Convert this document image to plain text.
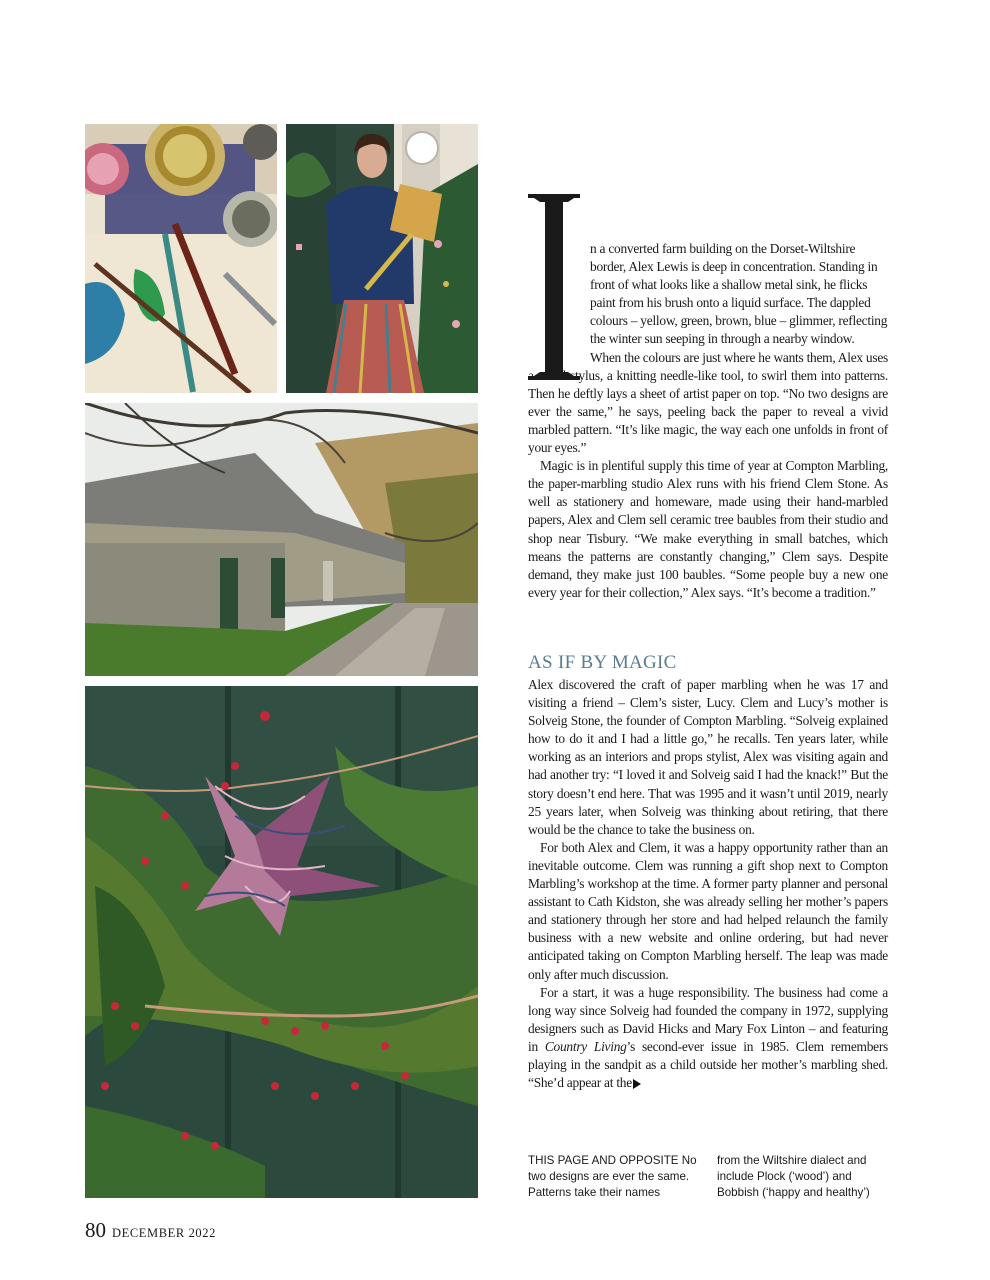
n a converted farm building on the Dorset-Wiltshire border, Alex Lewis is deep in concentration. Standing in front of what looks like a shallow metal sink, he flicks paint from his brush onto a liquid surface. The dappled colours – yellow, green, brown, blue – glimmer, reflecting the winter sun seeping in through a nearby window. When the colours are just where he wants them, Alex uses

a metal stylus, a knitting needle-like tool, to swirl them into patterns. Then he deftly lays a sheet of artist paper on top. “No two designs are ever the same,” he says, peeling back the paper to reveal a vivid marbled pattern. “It’s like magic, the way each one unfolds in front of your eyes.”

Magic is in plentiful supply this time of year at Compton Marbling, the paper-marbling studio Alex runs with his friend Clem Stone. As well as stationery and homeware, made using their hand-marbled papers, Alex and Clem sell ceramic tree baubles from their studio and shop near Tisbury. “We make everything in small batches, which means the patterns are constantly changing,” Clem says. Despite demand, they make just 100 baubles. “Some people buy a new one every year for their collection,” Alex says. “It’s become a tradition.”

AS IF BY MAGIC

Alex discovered the craft of paper marbling when he was 17 and visiting a friend – Clem’s sister, Lucy. Clem and Lucy’s mother is Solveig Stone, the founder of Compton Marbling. “Solveig explained how to do it and I had a little go,” he recalls. Ten years later, while working as an interiors and props stylist, Alex was visiting again and had another try: “I loved it and Solveig said I had the knack!” But the story doesn’t end here. That was 1995 and it wasn’t until 2019, nearly 25 years later, when Solveig was thinking about retiring, that there would be the chance to take the business on.

For both Alex and Clem, it was a happy opportunity rather than an inevitable outcome. Clem was running a gift shop next to Compton Marbling’s workshop at the time. A former party planner and personal assistant to Cath Kidston, she was already selling her mother’s papers and stationery through her store and had helped relaunch the family business with a new website and online ordering, but had never anticipated taking on Compton Marbling herself. The leap was made only after much discussion.

For a start, it was a huge responsibility. The business had come a long way since Solveig had founded the company in 1972, supplying designers such as David Hicks and Mary Fox Linton – and featuring in Country Living’s second-ever issue in 1985. Clem remembers playing in the sandpit as a child outside her mother’s marbling shed. “She’d appear at the

THIS PAGE AND OPPOSITE No two designs are ever the same. Patterns take their names
from the Wiltshire dialect and include Plock (‘wood’) and Bobbish (‘happy and healthy’)
80 DECEMBER 2022
